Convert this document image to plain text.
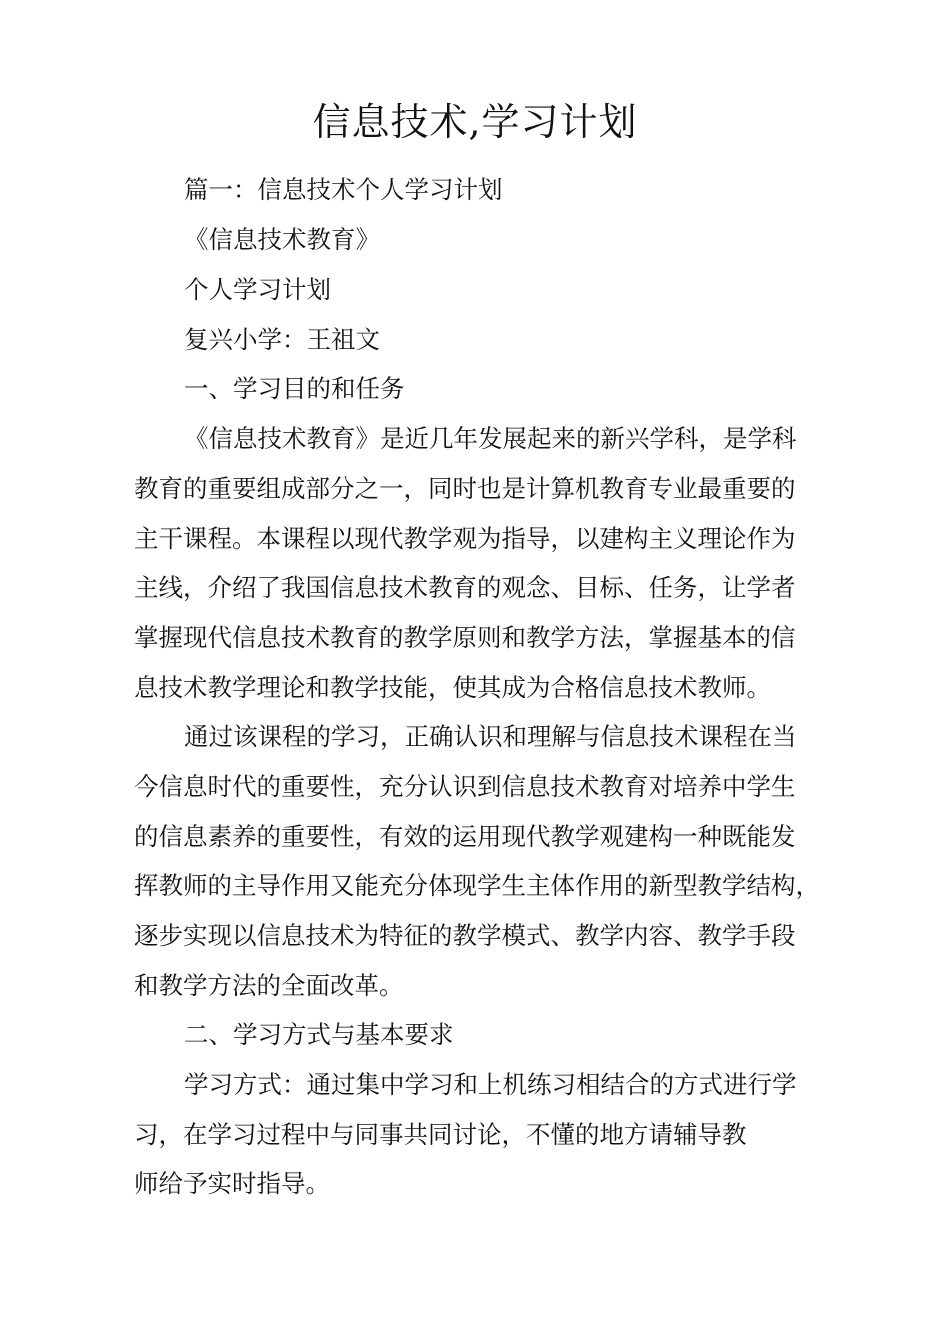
信息技术,学习计划
篇一：信息技术个人学习计划
《信息技术教育》
个人学习计划
复兴小学：王祖文
一、学习目的和任务
《信息技术教育》是近几年发展起来的新兴学科，是学科
教育的重要组成部分之一，同时也是计算机教育专业最重要的
主干课程。本课程以现代教学观为指导，以建构主义理论作为
主线，介绍了我国信息技术教育的观念、目标、任务，让学者
掌握现代信息技术教育的教学原则和教学方法，掌握基本的信
息技术教学理论和教学技能，使其成为合格信息技术教师。
通过该课程的学习，正确认识和理解与信息技术课程在当
今信息时代的重要性，充分认识到信息技术教育对培养中学生
的信息素养的重要性，有效的运用现代教学观建构一种既能发
挥教师的主导作用又能充分体现学生主体作用的新型教学结构，
逐步实现以信息技术为特征的教学模式、教学内容、教学手段
和教学方法的全面改革。
二、学习方式与基本要求
学习方式：通过集中学习和上机练习相结合的方式进行学
习，在学习过程中与同事共同讨论，不懂的地方请辅导教
师给予实时指导。
